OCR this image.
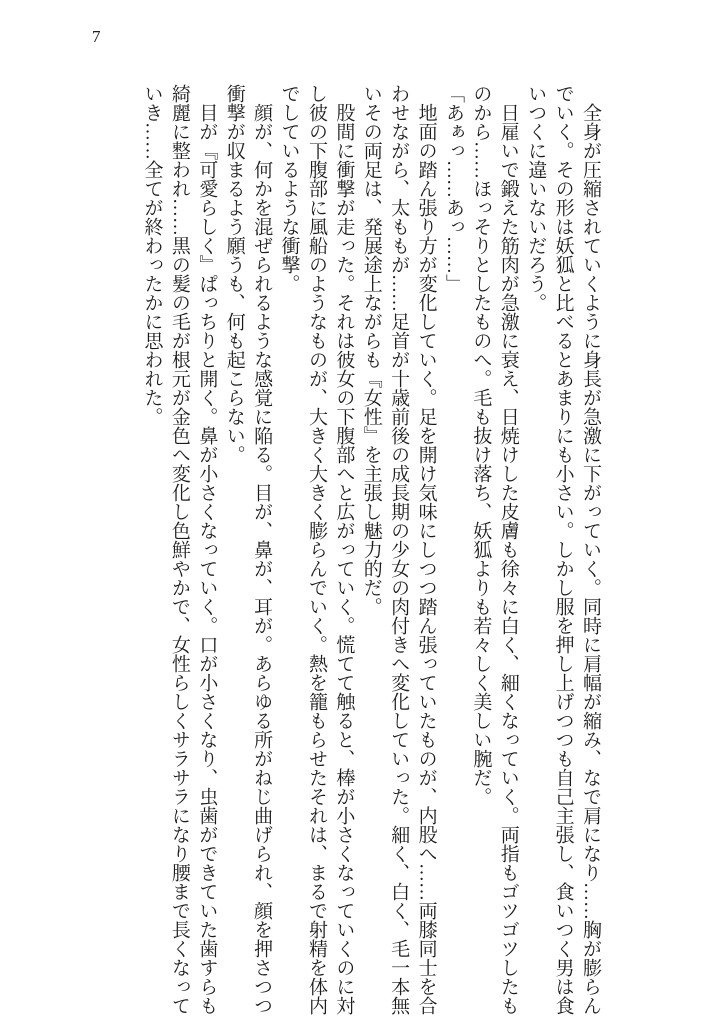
7

全身が圧縮されていくように身長が急激に下がっていく。同時に肩幅が縮み、なで肩になり……胸が膨らんでいく。その形は妖狐と比べるとあまりにも小さい。しかし服を押し上げつつも自己主張し、食いつく男は食いつくに違いないだろう。

日雇いで鍛えた筋肉が急激に衰え、日焼けした皮膚も徐々に白く、細くなっていく。両指もゴツゴツしたものから……ほっそりとしたものへ。毛も抜け落ち、妖狐よりも若々しく美しい腕だ。

「あぁっ……あっ……」

地面の踏ん張り方が変化していく。足を開け気味にしつつ踏ん張っていたものが、内股へ……両膝同士を合わせながら、太ももが……足首が十歳前後の成長期の少女の肉付きへ変化していった。細く、白く、毛一本無いその両足は、発展途上ながらも『女性』を主張し魅力的だ。

股間に衝撃が走った。それは彼女の下腹部へと広がっていく。慌てて触ると、棒が小さくなっていくのに対し彼の下腹部に風船のようなものが、大きく大きく膨らんでいく。熱を籠もらせたそれは、まるで射精を体内でしているような衝撃。

顔が、何かを混ぜられるような感覚に陥る。目が、鼻が、耳が。あらゆる所がねじ曲げられ、顔を押さつつ衝撃が収まるよう願うも、何も起こらない。

目が『可愛らしく』ぱっちりと開く。鼻が小さくなっていく。口が小さくなり、虫歯ができていた歯すらも綺麗に整われ……黒の髪の毛が根元が金色へ変化し色鮮やかで、女性らしくサラサラになり腰まで長くなっていき……全てが終わったかに思われた。
